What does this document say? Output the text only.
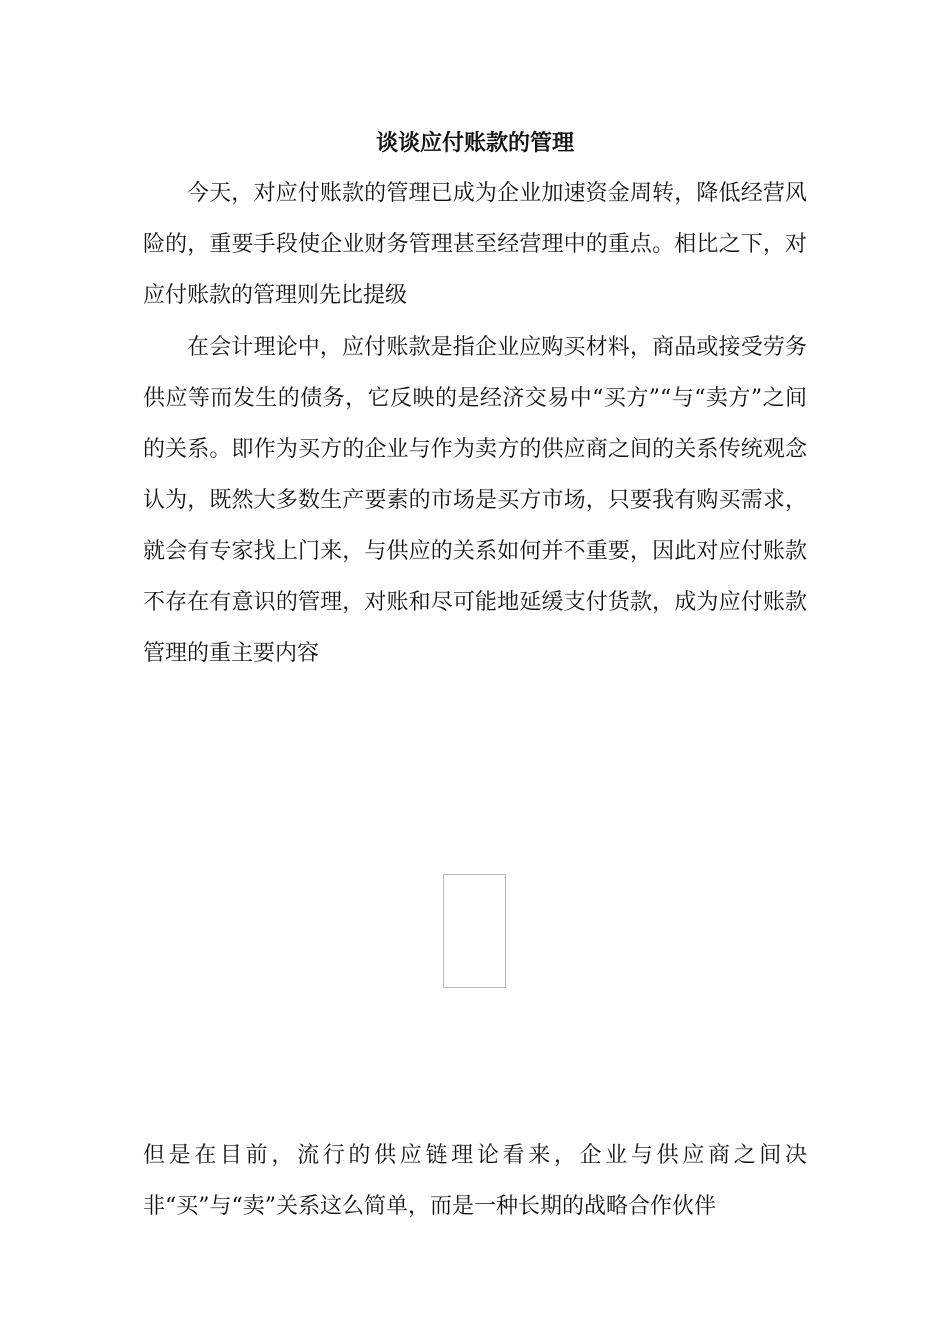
谈谈应付账款的管理

今天，对应付账款的管理已成为企业加速资金周转，降低经营风险的，重要手段使企业财务管理甚至经营理中的重点。相比之下，对应付账款的管理则先比提级

在会计理论中，应付账款是指企业应购买材料，商品或接受劳务供应等而发生的债务，它反映的是经济交易中“买方”“与“卖方”之间的关系。即作为买方的企业与作为卖方的供应商之间的关系传统观念认为，既然大多数生产要素的市场是买方市场，只要我有购买需求，就会有专家找上门来，与供应的关系如何并不重要，因此对应付账款不存在有意识的管理，对账和尽可能地延缓支付货款，成为应付账款管理的重主要内容

但是在目前，流行的供应链理论看来，企业与供应商之间决非“买”与“卖”关系这么简单，而是一种长期的战略合作伙伴
